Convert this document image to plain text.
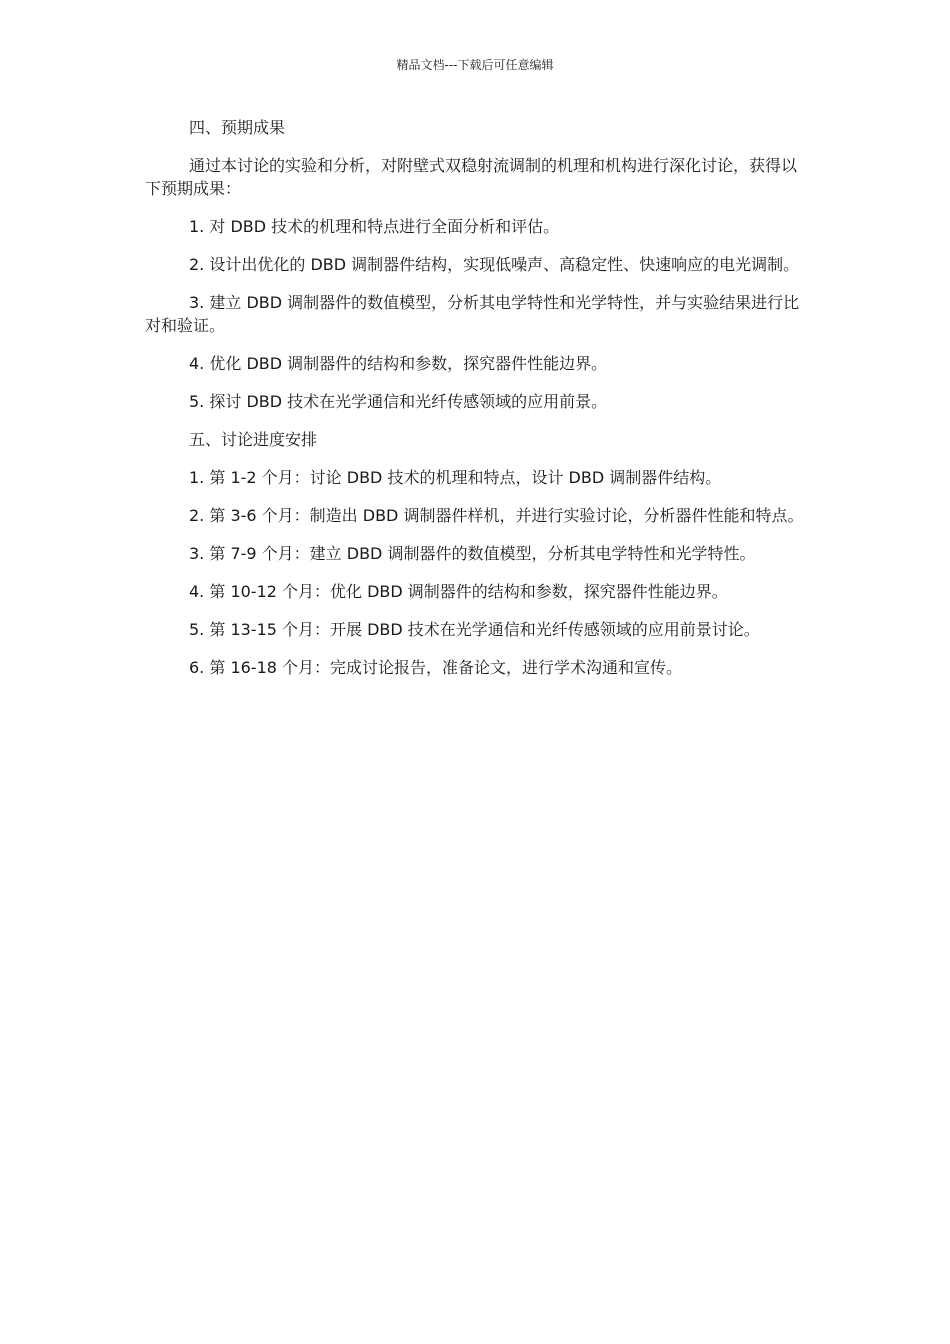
精品文档---下载后可任意编辑

四、预期成果

通过本讨论的实验和分析，对附壁式双稳射流调制的机理和机构进行深化讨论，获得以下预期成果：

1. 对 DBD 技术的机理和特点进行全面分析和评估。

2. 设计出优化的 DBD 调制器件结构，实现低噪声、高稳定性、快速响应的电光调制。

3. 建立 DBD 调制器件的数值模型，分析其电学特性和光学特性，并与实验结果进行比对和验证。

4. 优化 DBD 调制器件的结构和参数，探究器件性能边界。

5. 探讨 DBD 技术在光学通信和光纤传感领域的应用前景。

五、讨论进度安排

1. 第 1-2 个月：讨论 DBD 技术的机理和特点，设计 DBD 调制器件结构。

2. 第 3-6 个月：制造出 DBD 调制器件样机，并进行实验讨论，分析器件性能和特点。

3. 第 7-9 个月：建立 DBD 调制器件的数值模型，分析其电学特性和光学特性。

4. 第 10-12 个月：优化 DBD 调制器件的结构和参数，探究器件性能边界。

5. 第 13-15 个月：开展 DBD 技术在光学通信和光纤传感领域的应用前景讨论。

6. 第 16-18 个月：完成讨论报告，准备论文，进行学术沟通和宣传。
